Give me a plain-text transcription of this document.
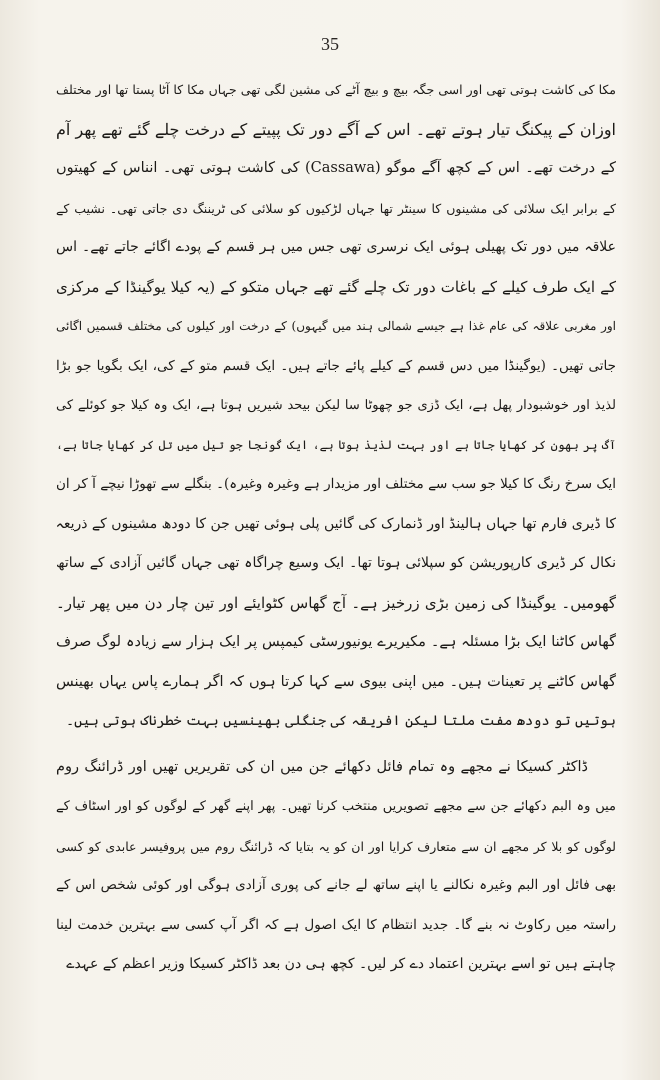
35
مکا کی کاشت ہوتی تھی اور اسی جگہ بیچ و بیچ آٹے کی مشین لگی تھی جہاں مکا کا آٹا پستا تھا اور مختلف
اوزان کے پیکنگ تیار ہوتے تھے۔ اس کے آگے دور تک پپیتے کے درخت چلے گئے تھے پھر آم
کے درخت تھے۔ اس کے کچھ آگے موگو (Cassawa) کی کاشت ہوتی تھی۔ انناس کے کھیتوں
کے برابر ایک سلائی کی مشینوں کا سینٹر تھا جہاں لڑکیوں کو سلائی کی ٹریننگ دی جاتی تھی۔ نشیب کے
علاقہ میں دور تک پھیلی ہوئی ایک نرسری تھی جس میں ہر قسم کے پودے اگائے جاتے تھے۔ اس
کے ایک طرف کیلے کے باغات دور تک چلے گئے تھے جہاں متکو کے (یہ کیلا یوگینڈا کے مرکزی
اور مغربی علاقہ کی عام غذا ہے جیسے شمالی ہند میں گیہوں) کے درخت اور کیلوں کی مختلف قسمیں اگائی
جاتی تھیں۔ (یوگینڈا میں دس قسم کے کیلے پائے جاتے ہیں۔ ایک قسم متو کے کی، ایک بگویا جو بڑا
لذیذ اور خوشبودار پھل ہے، ایک ڈزی جو چھوٹا سا لیکن بیحد شیریں ہوتا ہے، ایک وہ کیلا جو کوئلے کی
آگ پر بھون کر کھایا جاتا ہے اور بہت لذیذ ہوتا ہے، ایک گونجا جو تیل میں تل کر کھایا جاتا ہے،
ایک سرخ رنگ کا کیلا جو سب سے مختلف اور مزیدار ہے وغیرہ وغیرہ)۔ بنگلے سے تھوڑا نیچے آ کر ان
کا ڈیری فارم تھا جہاں ہالینڈ اور ڈنمارک کی گائیں پلی ہوئی تھیں جن کا دودھ مشینوں کے ذریعہ
نکال کر ڈیری کارپوریشن کو سپلائی ہوتا تھا۔ ایک وسیع چراگاہ تھی جہاں گائیں آزادی کے ساتھ
گھومیں۔ یوگینڈا کی زمین بڑی زرخیز ہے۔ آج گھاس کٹوایئے اور تین چار دن میں پھر تیار۔
گھاس کاٹنا ایک بڑا مسئلہ ہے۔ مکیریرے یونیورسٹی کیمپس پر ایک ہزار سے زیادہ لوگ صرف
گھاس کاٹنے پر تعینات ہیں۔ میں اپنی بیوی سے کہا کرتا ہوں کہ اگر ہمارے پاس یہاں بھینس
ہوتیں تو دودھ مفت ملتا لیکن افریقہ کی جنگلی بھینسیں بہت خطرناک ہوتی ہیں۔
ڈاکٹر کسیکا نے مجھے وہ تمام فائل دکھائے جن میں ان کی تقریریں تھیں اور ڈرائنگ روم
میں وہ البم دکھائے جن سے مجھے تصویریں منتخب کرنا تھیں۔ پھر اپنے گھر کے لوگوں کو اور اسٹاف کے
لوگوں کو بلا کر مجھے ان سے متعارف کرایا اور ان کو یہ بتایا کہ ڈرائنگ روم میں پروفیسر عابدی کو کسی
بھی فائل اور البم وغیرہ نکالنے یا اپنے ساتھ لے جانے کی پوری آزادی ہوگی اور کوئی شخص اس کے
راستہ میں رکاوٹ نہ بنے گا۔ جدید انتظام کا ایک اصول ہے کہ اگر آپ کسی سے بہترین خدمت لینا
چاہتے ہیں تو اسے بہترین اعتماد دے کر لیں۔ کچھ ہی دن بعد ڈاکٹر کسیکا وزیر اعظم کے عہدے
